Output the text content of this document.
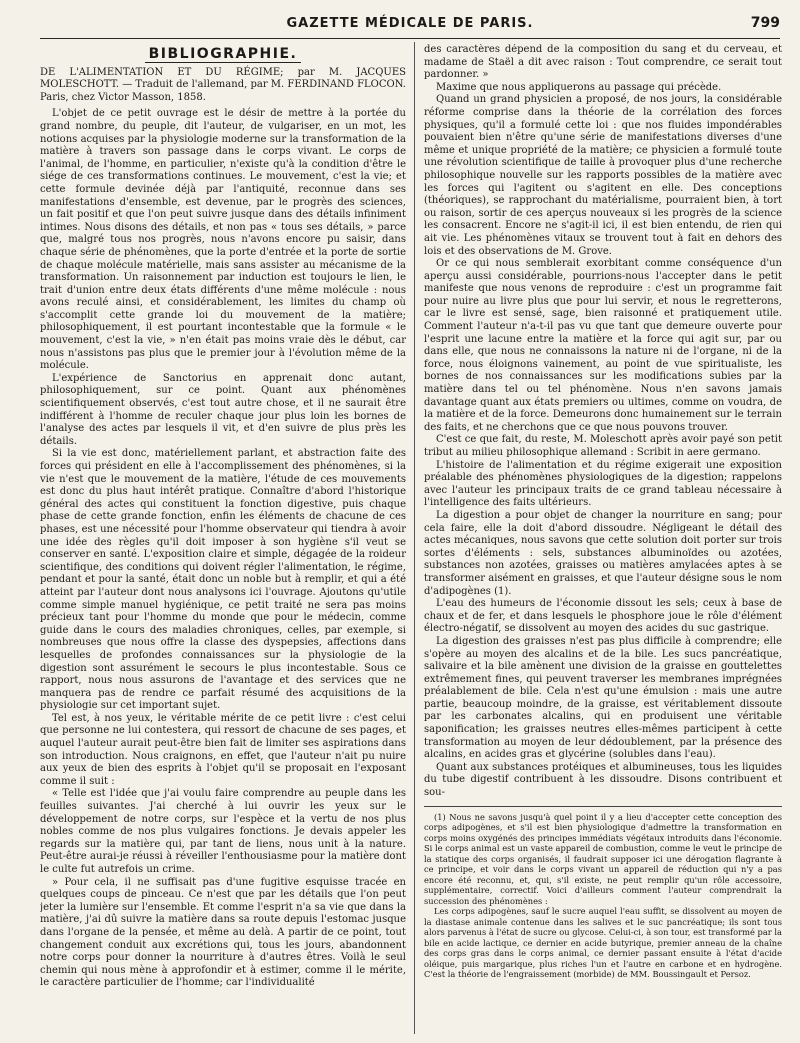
GAZETTE MÉDICALE DE PARIS.	799
BIBLIOGRAPHIE.

DE L'ALIMENTATION ET DU RÉGIME; par M. JACQUES MOLESCHOTT. — Traduit de l'allemand, par M. FERDINAND FLOCON. Paris, chez Victor Masson, 1858.

L'objet de ce petit ouvrage est le désir de mettre à la portée du grand nombre, du peuple, dit l'auteur, de vulgariser, en un mot, les notions acquises par la physiologie moderne sur la transformation de la matière à travers son passage dans le corps vivant. Le corps de l'animal, de l'homme, en particulier, n'existe qu'à la condition d'être le siége de ces transformations continues. Le mouvement, c'est la vie; et cette formule devinée déjà par l'antiquité, reconnue dans ses manifestations d'ensemble, est devenue, par le progrès des sciences, un fait positif et que l'on peut suivre jusque dans des détails infiniment intimes. Nous disons des détails, et non pas « tous ses détails, » parce que, malgré tous nos progrès, nous n'avons encore pu saisir, dans chaque série de phénomènes, que la porte d'entrée et la porte de sortie de chaque molécule matérielle, mais sans assister au mécanisme de la transformation. Un raisonnement par induction est toujours le lien, le trait d'union entre deux états différents d'une même molécule : nous avons reculé ainsi, et considérablement, les limites du champ où s'accomplit cette grande loi du mouvement de la matière; philosophiquement, il est pourtant incontestable que la formule « le mouvement, c'est la vie, » n'en était pas moins vraie dès le début, car nous n'assistons pas plus que le premier jour à l'évolution même de la molécule.

L'expérience de Sanctorius en apprenait donc autant, philosophiquement, sur ce point. Quant aux phénomènes scientifiquement observés, c'est tout autre chose, et il ne saurait être indifférent à l'homme de reculer chaque jour plus loin les bornes de l'analyse des actes par lesquels il vit, et d'en suivre de plus près les détails.

Si la vie est donc, matériellement parlant, et abstraction faite des forces qui président en elle à l'accomplissement des phénomènes, si la vie n'est que le mouvement de la matière, l'étude de ces mouvements est donc du plus haut intérêt pratique. Connaître d'abord l'historique général des actes qui constituent la fonction digestive, puis chaque phase de cette grande fonction, enfin les éléments de chacune de ces phases, est une nécessité pour l'homme observateur qui tiendra à avoir une idée des règles qu'il doit imposer à son hygiène s'il veut se conserver en santé. L'exposition claire et simple, dégagée de la roideur scientifique, des conditions qui doivent régler l'alimentation, le régime, pendant et pour la santé, était donc un noble but à remplir, et qui a été atteint par l'auteur dont nous analysons ici l'ouvrage. Ajoutons qu'utile comme simple manuel hygiénique, ce petit traité ne sera pas moins précieux tant pour l'homme du monde que pour le médecin, comme guide dans le cours des maladies chroniques, celles, par exemple, si nombreuses que nous offre la classe des dyspepsies, affections dans lesquelles de profondes connaissances sur la physiologie de la digestion sont assurément le secours le plus incontestable. Sous ce rapport, nous nous assurons de l'avantage et des services que ne manquera pas de rendre ce parfait résumé des acquisitions de la physiologie sur cet important sujet.

Tel est, à nos yeux, le véritable mérite de ce petit livre : c'est celui que personne ne lui contestera, qui ressort de chacune de ses pages, et auquel l'auteur aurait peut-être bien fait de limiter ses aspirations dans son introduction. Nous craignons, en effet, que l'auteur n'ait pu nuire aux yeux de bien des esprits à l'objet qu'il se proposait en l'exposant comme il suit :

« Telle est l'idée que j'ai voulu faire comprendre au peuple dans les feuilles suivantes. J'ai cherché à lui ouvrir les yeux sur le développement de notre corps, sur l'espèce et la vertu de nos plus nobles comme de nos plus vulgaires fonctions. Je devais appeler les regards sur la matière qui, par tant de liens, nous unit à la nature. Peut-être aurai-je réussi à réveiller l'enthousiasme pour la matière dont le culte fut autrefois un crime.

» Pour cela, il ne suffisait pas d'une fugitive esquisse tracée en quelques coups de pinceau. Ce n'est que par les détails que l'on peut jeter la lumière sur l'ensemble. Et comme l'esprit n'a sa vie que dans la matière, j'ai dû suivre la matière dans sa route depuis l'estomac jusque dans l'organe de la pensée, et même au delà. A partir de ce point, tout changement conduit aux excrétions qui, tous les jours, abandonnent notre corps pour donner la nourriture à d'autres êtres. Voilà le seul chemin qui nous mène à approfondir et à estimer, comme il le mérite, le caractère particulier de l'homme; car l'individualité

des caractères dépend de la composition du sang et du cerveau, et madame de Staël a dit avec raison : Tout comprendre, ce serait tout pardonner. »

Maxime que nous appliquerons au passage qui précède.

Quand un grand physicien a proposé, de nos jours, la considérable réforme comprise dans la théorie de la corrélation des forces physiques, qu'il a formulé cette loi : que nos fluides impondérables pouvaient bien n'être qu'une série de manifestations diverses d'une même et unique propriété de la matière; ce physicien a formulé toute une révolution scientifique de taille à provoquer plus d'une recherche philosophique nouvelle sur les rapports possibles de la matière avec les forces qui l'agitent ou s'agitent en elle. Des conceptions (théoriques), se rapprochant du matérialisme, pourraient bien, à tort ou raison, sortir de ces aperçus nouveaux si les progrès de la science les consacrent. Encore ne s'agit-il ici, il est bien entendu, de rien qui ait vie. Les phénomènes vitaux se trouvent tout à fait en dehors des lois et des observations de M. Grove.

Or ce qui nous semblerait exorbitant comme conséquence d'un aperçu aussi considérable, pourrions-nous l'accepter dans le petit manifeste que nous venons de reproduire : c'est un programme fait pour nuire au livre plus que pour lui servir, et nous le regretterons, car le livre est sensé, sage, bien raisonné et pratiquement utile. Comment l'auteur n'a-t-il pas vu que tant que demeure ouverte pour l'esprit une lacune entre la matière et la force qui agit sur, par ou dans elle, que nous ne connaissons la nature ni de l'organe, ni de la force, nous éloignons vainement, au point de vue spiritualiste, les bornes de nos connaissances sur les modifications subies par la matière dans tel ou tel phénomène. Nous n'en savons jamais davantage quant aux états premiers ou ultimes, comme on voudra, de la matière et de la force. Demeurons donc humainement sur le terrain des faits, et ne cherchons que ce que nous pouvons trouver.

C'est ce que fait, du reste, M. Moleschott après avoir payé son petit tribut au milieu philosophique allemand : Scribit in aere germano.

L'histoire de l'alimentation et du régime exigerait une exposition préalable des phénomènes physiologiques de la digestion; rappelons avec l'auteur les principaux traits de ce grand tableau nécessaire à l'intelligence des faits ultérieurs.

La digestion a pour objet de changer la nourriture en sang; pour cela faire, elle la doit d'abord dissoudre. Négligeant le détail des actes mécaniques, nous savons que cette solution doit porter sur trois sortes d'éléments : sels, substances albuminoïdes ou azotées, substances non azotées, graisses ou matières amylacées aptes à se transformer aisément en graisses, et que l'auteur désigne sous le nom d'adipogènes (1).

L'eau des humeurs de l'économie dissout les sels; ceux à base de chaux et de fer, et dans lesquels le phosphore joue le rôle d'élément électro-négatif, se dissolvent au moyen des acides du suc gastrique.

La digestion des graisses n'est pas plus difficile à comprendre; elle s'opère au moyen des alcalins et de la bile. Les sucs pancréatique, salivaire et la bile amènent une division de la graisse en gouttelettes extrêmement fines, qui peuvent traverser les membranes imprégnées préalablement de bile. Cela n'est qu'une émulsion : mais une autre partie, beaucoup moindre, de la graisse, est véritablement dissoute par les carbonates alcalins, qui en produisent une véritable saponification; les graisses neutres elles-mêmes participent à cette transformation au moyen de leur dédoublement, par la présence des alcalins, en acides gras et glycérine (solubles dans l'eau).

Quant aux substances protéiques et albumineuses, tous les liquides du tube digestif contribuent à les dissoudre. Disons contribuent et sou-

(1) Nous ne savons jusqu'à quel point il y a lieu d'accepter cette conception des corps adipogènes, et s'il est bien physiologique d'admettre la transformation en corps moins oxygénés des principes immédiats végétaux introduits dans l'économie. Si le corps animal est un vaste appareil de combustion, comme le veut le principe de la statique des corps organisés, il faudrait supposer ici une dérogation flagrante à ce principe, et voir dans le corps vivant un appareil de réduction qui n'y a pas encore été reconnu, et, qui, s'il existe, ne peut remplir qu'un rôle accessoire, supplémentaire, correctif. Voici d'ailleurs comment l'auteur comprendrait la succession des phénomènes :

Les corps adipogènes, sauf le sucre auquel l'eau suffit, se dissolvent au moyen de la diastase animale contenue dans les salives et le suc pancréatique; ils sont tous alors parvenus à l'état de sucre ou glycose. Celui-ci, à son tour, est transformé par la bile en acide lactique, ce dernier en acide butyrique, premier anneau de la chaîne des corps gras dans le corps animal, ce dernier passant ensuite à l'état d'acide oléique, puis margarique, plus riches l'un et l'autre en carbone et en hydrogène. C'est la théorie de l'engraissement (morbide) de MM. Boussingault et Persoz.
